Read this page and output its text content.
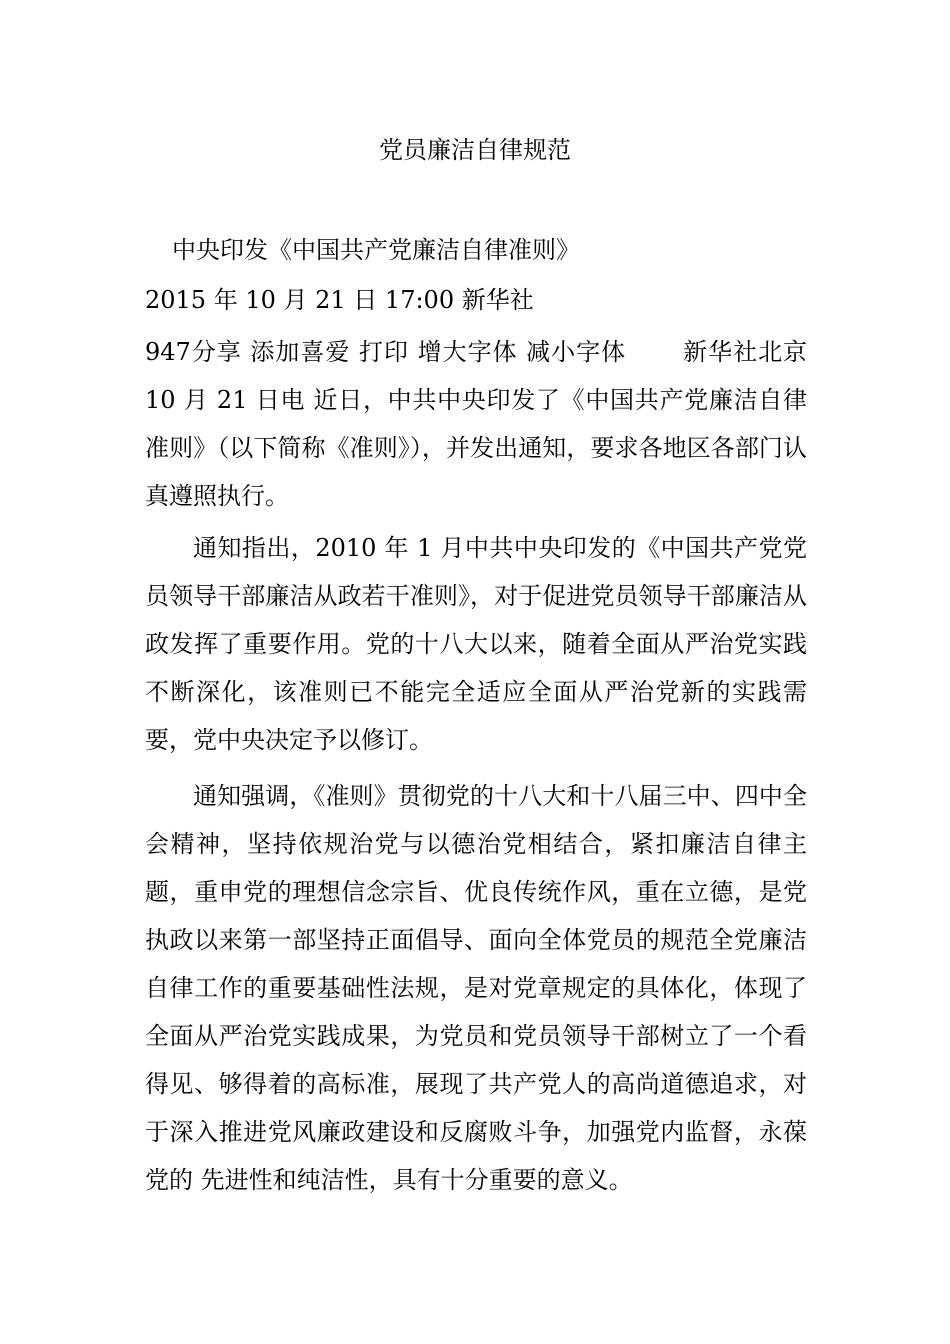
党员廉洁自律规范

中央印发《中国共产党廉洁自律准则》

2015 年 10 月 21 日 17:00 新华社

947分享 添加喜爱 打印 增大字体 减小字体 新华社北京 10 月 21 日电 近日，中共中央印发了《中国共产党廉洁自律准则》（以下简称《准则》），并发出通知，要求各地区各部门认真遵照执行。

通知指出，2010 年 1 月中共中央印发的《中国共产党党员领导干部廉洁从政若干准则》，对于促进党员领导干部廉洁从政发挥了重要作用。党的十八大以来，随着全面从严治党实践不断深化，该准则已不能完全适应全面从严治党新的实践需要，党中央决定予以修订。

通知强调，《准则》贯彻党的十八大和十八届三中、四中全会精神，坚持依规治党与以德治党相结合，紧扣廉洁自律主题，重申党的理想信念宗旨、优良传统作风，重在立德，是党执政以来第一部坚持正面倡导、面向全体党员的规范全党廉洁自律工作的重要基础性法规，是对党章规定的具体化，体现了全面从严治党实践成果，为党员和党员领导干部树立了一个看得见、够得着的高标准，展现了共产党人的高尚道德追求，对于深入推进党风廉政建设和反腐败斗争，加强党内监督，永葆党的 先进性和纯洁性，具有十分重要的意义。
